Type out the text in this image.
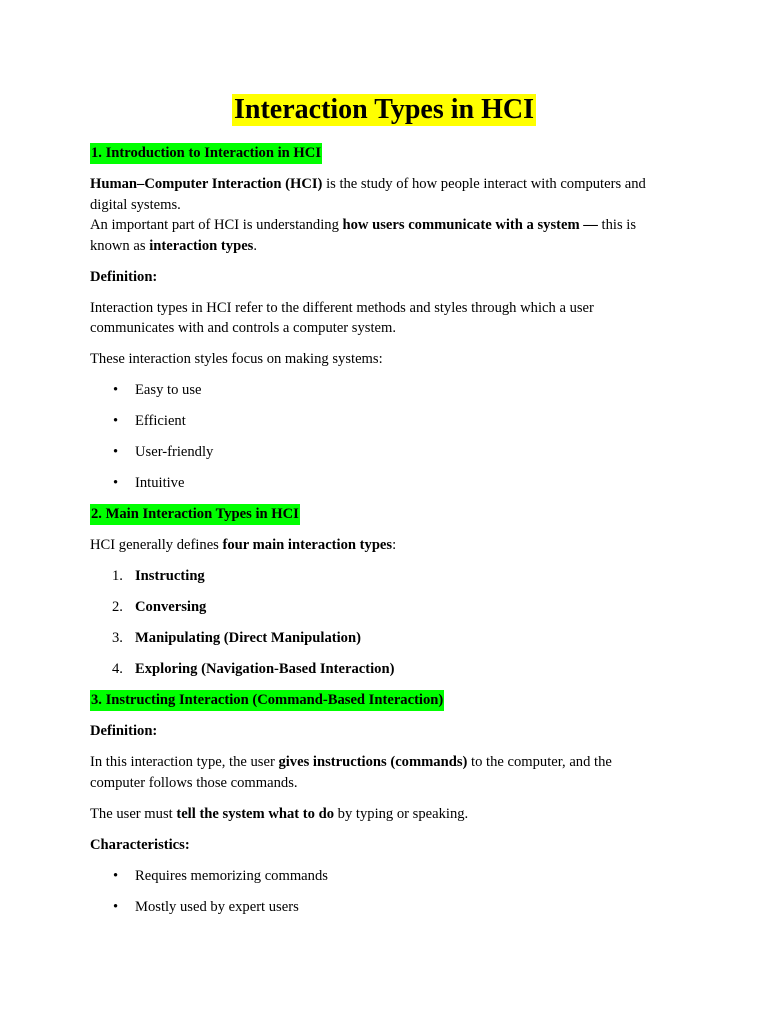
Interaction Types in HCI

1. Introduction to Interaction in HCI

Human–Computer Interaction (HCI) is the study of how people interact with computers and
digital systems.
An important part of HCI is understanding how users communicate with a system — this is
known as interaction types.

Definition:

Interaction types in HCI refer to the different methods and styles through which a user
communicates with and controls a computer system.

These interaction styles focus on making systems:

• Easy to use
• Efficient
• User-friendly
• Intuitive

2. Main Interaction Types in HCI

HCI generally defines four main interaction types:

1. Instructing
2. Conversing
3. Manipulating (Direct Manipulation)
4. Exploring (Navigation-Based Interaction)

3. Instructing Interaction (Command-Based Interaction)

Definition:

In this interaction type, the user gives instructions (commands) to the computer, and the
computer follows those commands.

The user must tell the system what to do by typing or speaking.

Characteristics:

• Requires memorizing commands
• Mostly used by expert users
